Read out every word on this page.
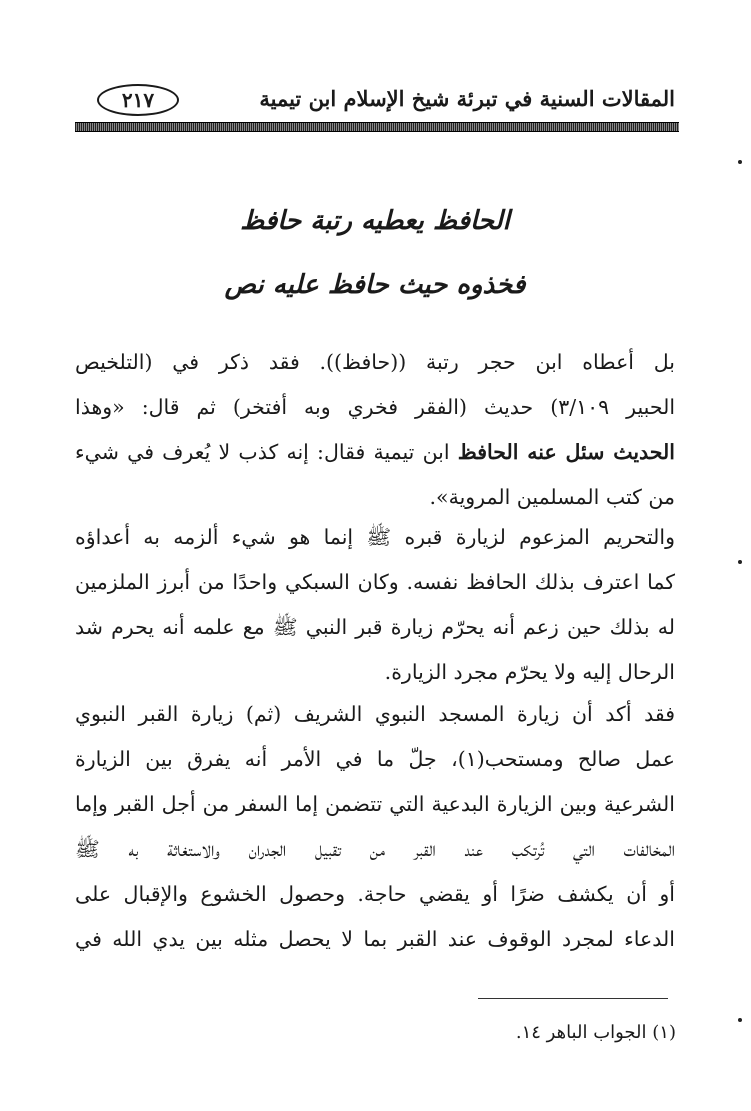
المقالات السنية في تبرئة شيخ الإسلام ابن تيمية
٢١٧
الحافظ يعطيه رتبة حافظ
فخذوه حيث حافظ عليه نص
بل أعطاه ابن حجر رتبة ((حافظ)). فقد ذكر في (التلخيص
الحبير ٣/١٠٩) حديث (الفقر فخري وبه أفتخر) ثم قال: «وهذا
الحديث سئل عنه الحافظ ابن تيمية فقال: إنه كذب لا يُعرف في شيء
من كتب المسلمين المروية».
والتحريم المزعوم لزيارة قبره ﷺ إنما هو شيء ألزمه به أعداؤه
كما اعترف بذلك الحافظ نفسه. وكان السبكي واحدًا من أبرز الملزمين
له بذلك حين زعم أنه يحرّم زيارة قبر النبي ﷺ مع علمه أنه يحرم شد
الرحال إليه ولا يحرّم مجرد الزيارة.
فقد أكد أن زيارة المسجد النبوي الشريف (ثم) زيارة القبر النبوي
عمل صالح ومستحب(١)، جلّ ما في الأمر أنه يفرق بين الزيارة
الشرعية وبين الزيارة البدعية التي تتضمن إما السفر من أجل القبر وإما
المخالفات التي تُرتكب عند القبر من تقبيل الجدران والاستغاثة به ﷺ
أو أن يكشف ضرًا أو يقضي حاجة. وحصول الخشوع والإقبال على
الدعاء لمجرد الوقوف عند القبر بما لا يحصل مثله بين يدي الله في
(١) الجواب الباهر ١٤.
